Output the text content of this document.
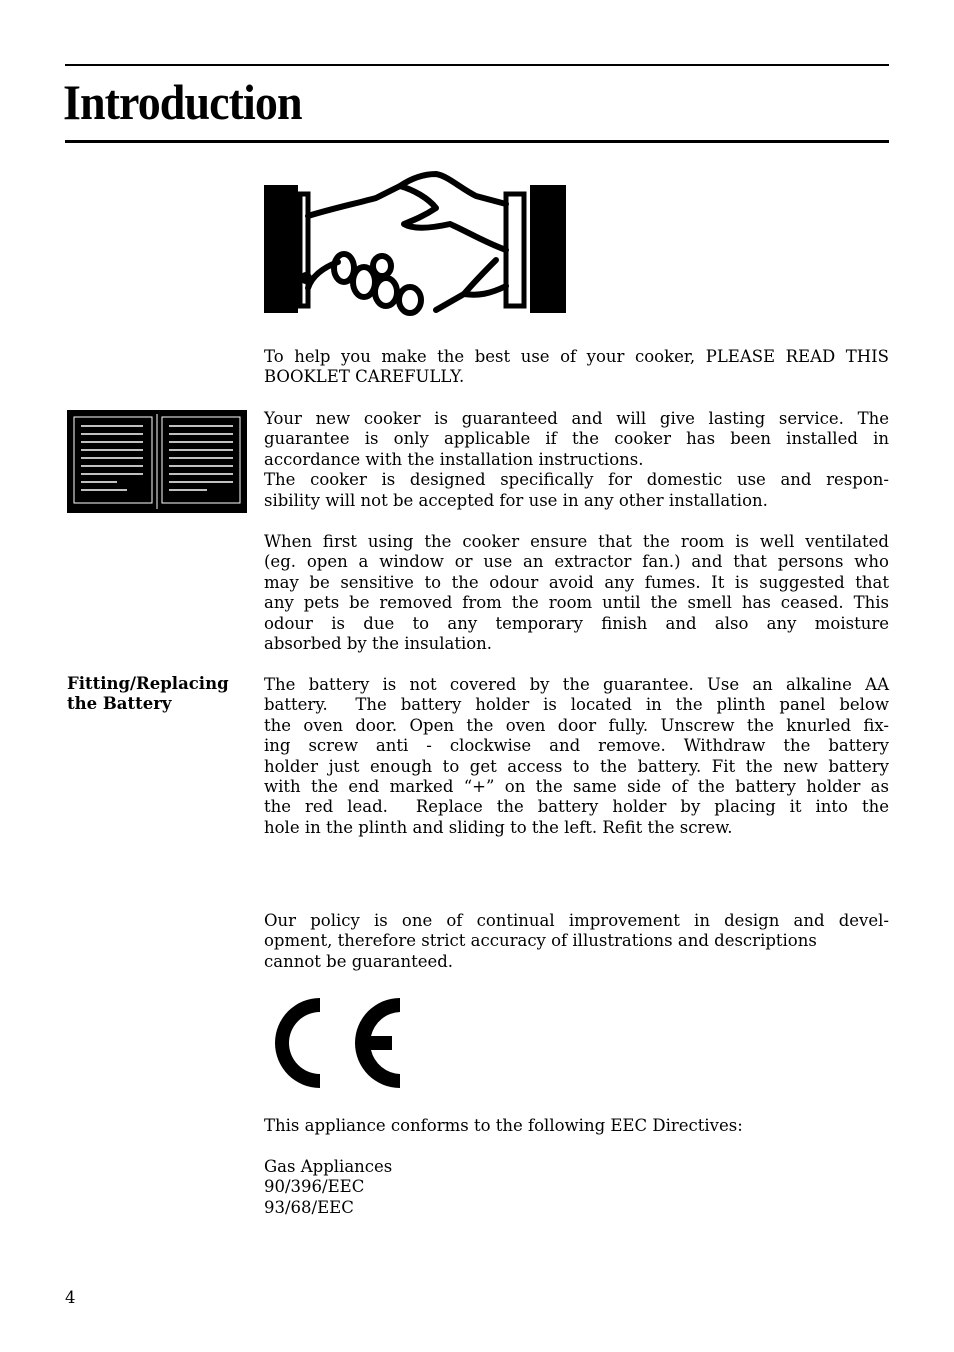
Introduction
To help you make the best use of your cooker, PLEASE READ THIS
BOOKLET CAREFULLY.
Your new cooker is guaranteed and will give lasting service. The
guarantee is only applicable if the cooker has been installed in
accordance with the installation instructions.
The cooker is designed specifically for domestic use and respon-
sibility will not be accepted for use in any other installation.
When first using the cooker ensure that the room is well ventilated
(eg. open a window or use an extractor fan.) and that persons who
may be sensitive to the odour avoid any fumes. It is suggested that
any pets be removed from the room until the smell has ceased. This
odour is due to any temporary finish and also any moisture
absorbed by the insulation.
Fitting/Replacing
the Battery
The battery is not covered by the guarantee. Use an alkaline AA
battery.  The battery holder is located in the plinth panel below
the oven door. Open the oven door fully. Unscrew the knurled fix-
ing screw anti - clockwise and remove. Withdraw the battery
holder just enough to get access to the battery. Fit the new battery
with the end marked “+” on the same side of the battery holder as
the red lead.  Replace the battery holder by placing it into the
hole in the plinth and sliding to the left. Refit the screw.
Our policy is one of continual improvement in design and devel-
opment, therefore strict accuracy of illustrations and descriptions
cannot be guaranteed.
This appliance conforms to the following EEC Directives:
Gas Appliances
90/396/EEC
93/68/EEC
4
